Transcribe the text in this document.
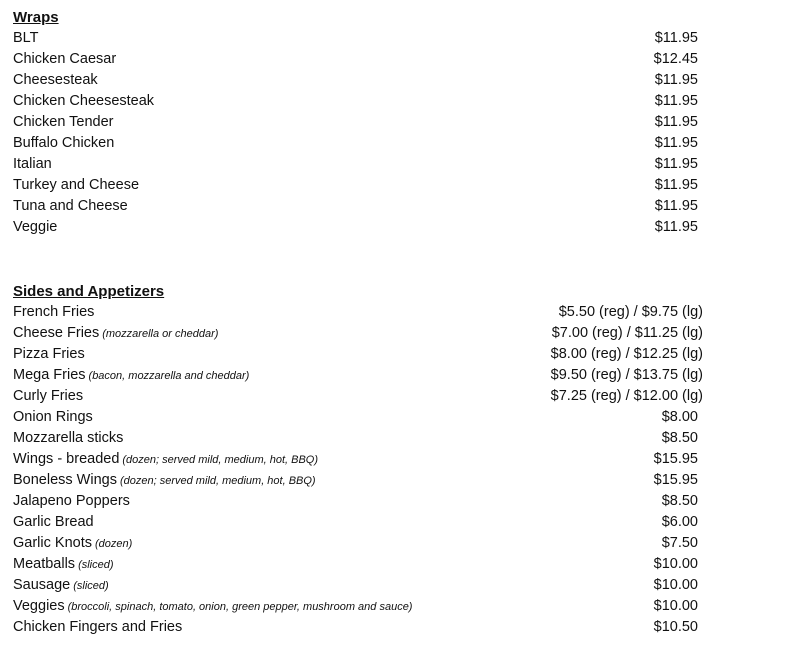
Wraps
BLT	$11.95
Chicken Caesar	$12.45
Cheesesteak	$11.95
Chicken Cheesesteak	$11.95
Chicken Tender	$11.95
Buffalo Chicken	$11.95
Italian	$11.95
Turkey and Cheese	$11.95
Tuna and Cheese	$11.95
Veggie	$11.95
Sides and Appetizers
French Fries	$5.50 (reg) / $9.75 (lg)
Cheese Fries (mozzarella or cheddar)	$7.00 (reg) / $11.25 (lg)
Pizza Fries	$8.00 (reg) / $12.25 (lg)
Mega Fries (bacon, mozzarella and cheddar)	$9.50 (reg) / $13.75 (lg)
Curly Fries	$7.25 (reg) / $12.00 (lg)
Onion Rings	$8.00
Mozzarella sticks	$8.50
Wings - breaded (dozen; served mild, medium, hot, BBQ)	$15.95
Boneless Wings (dozen; served mild, medium, hot, BBQ)	$15.95
Jalapeno Poppers	$8.50
Garlic Bread	$6.00
Garlic Knots (dozen)	$7.50
Meatballs (sliced)	$10.00
Sausage (sliced)	$10.00
Veggies (broccoli, spinach, tomato, onion, green pepper, mushroom and sauce)	$10.00
Chicken Fingers and Fries	$10.50
